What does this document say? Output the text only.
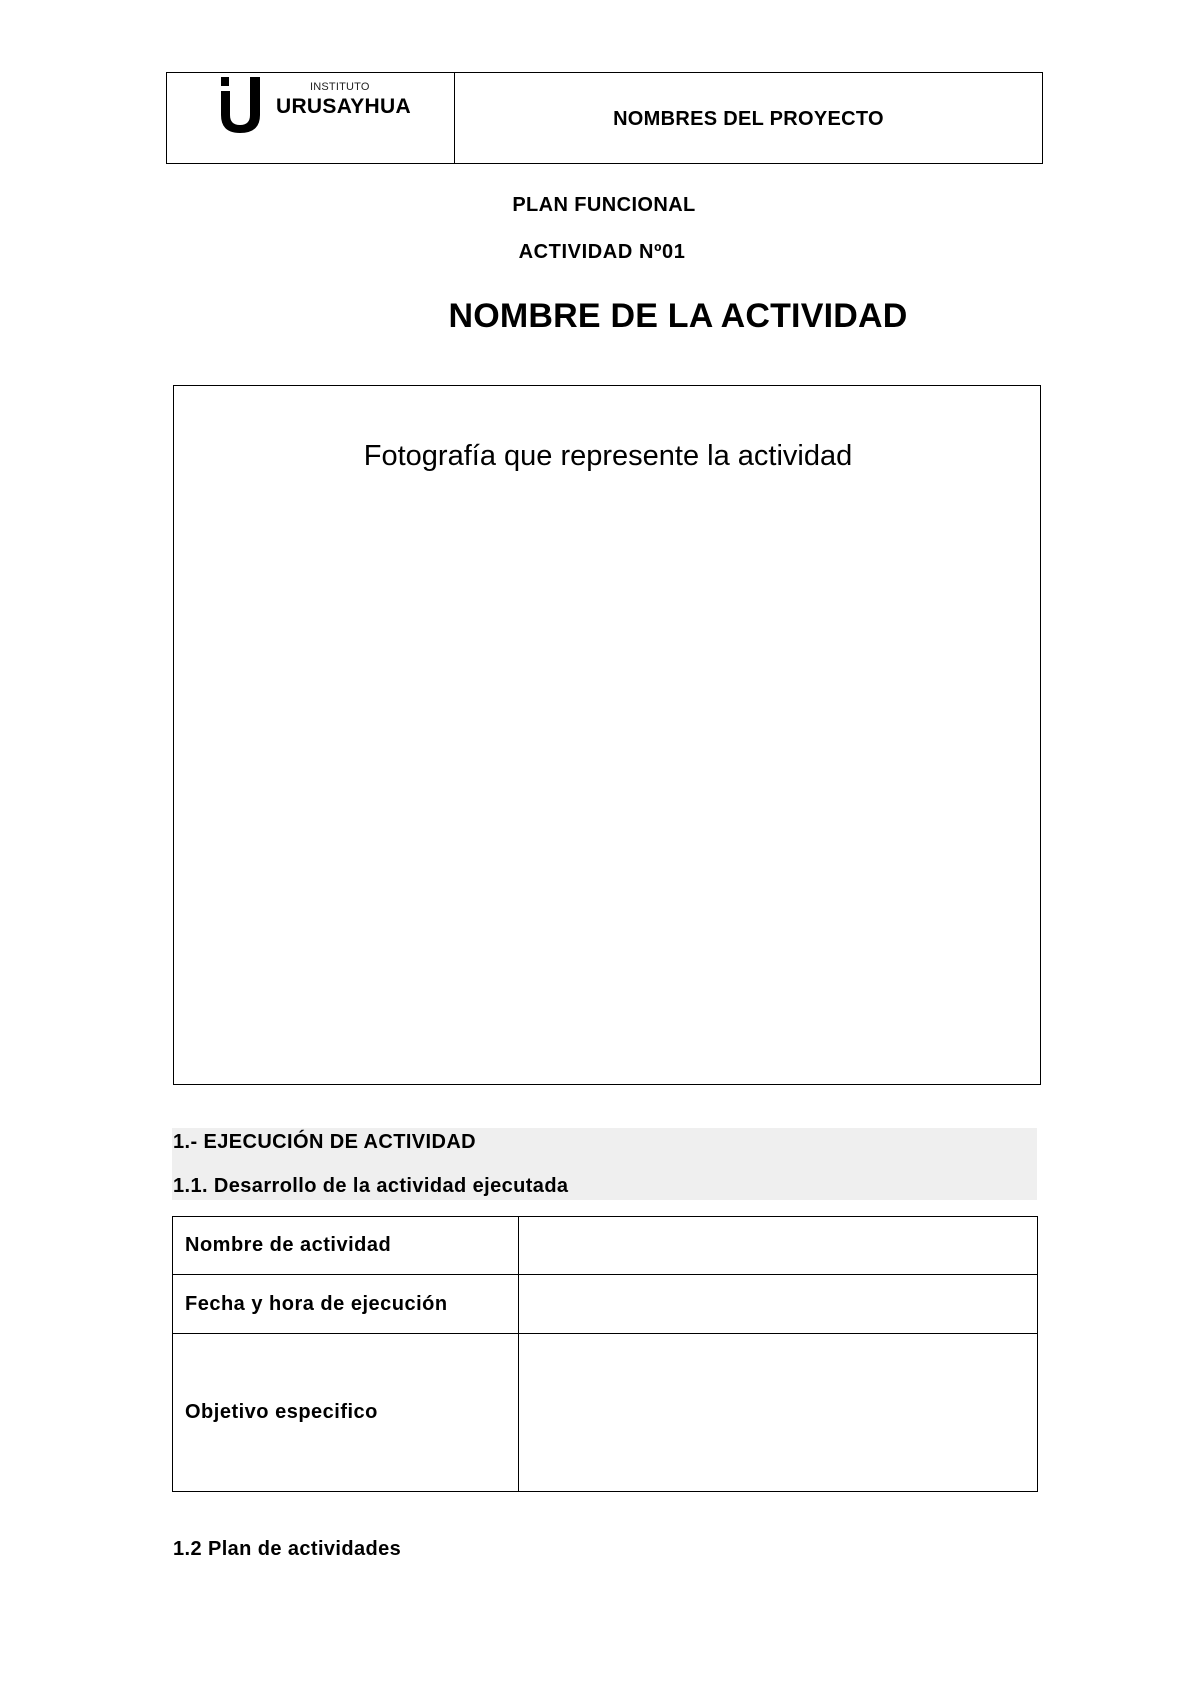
INSTITUTO
URUSAYHUA
NOMBRES DEL PROYECTO
PLAN FUNCIONAL
ACTIVIDAD Nº01
NOMBRE DE LA ACTIVIDAD
Fotografía que represente la actividad
1.- EJECUCIÓN DE ACTIVIDAD
1.1. Desarrollo de la actividad ejecutada
Nombre de actividad	
Fecha y hora de ejecución	
Objetivo especifico	
1.2 Plan de actividades
